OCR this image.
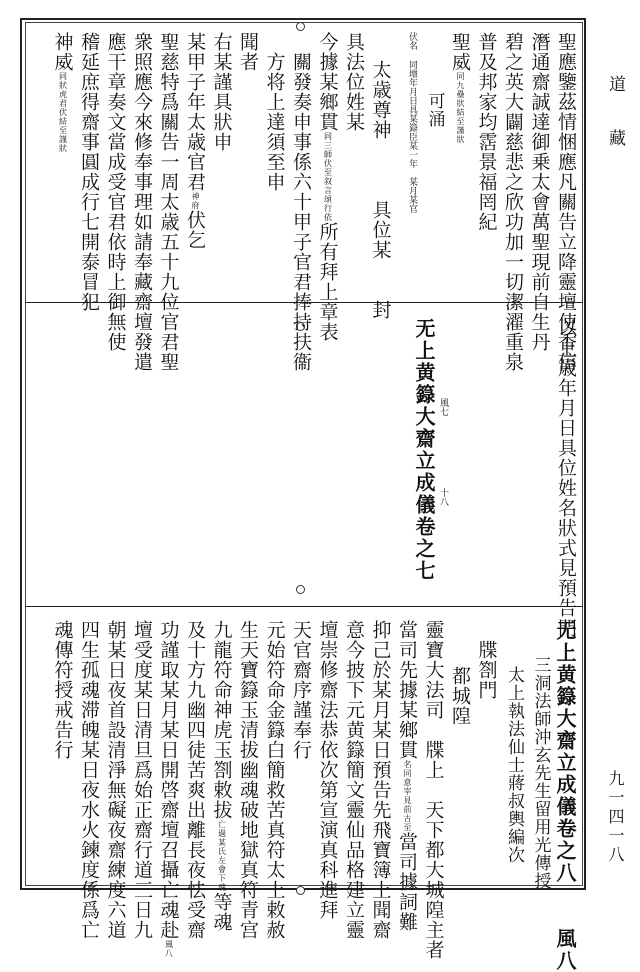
道　藏
九一四一八
聖應鑒茲情悃應凡關告立降靈壇使香信
潛通齋誠達御乗太會萬聖現前自生丹
碧之英大闢慈悲之欣功加一切潔濯重泉
普及邦家均霑景福罔紀
聖威同九壘狀結至謹狀
可涌
伏名 同壇年月日具某籙臣某一年　某月某官
太歳尊神　　　具位某　　封
具法位姓某
今據某鄉貫同三師伏至叙言頌行依所有拜上章表
關發奏申事係六十甲子官君捧持扶衞
方将上達須至申
聞者
右某謹具狀申
某甲子年太歳官君神府伏乞
聖慈特爲關告一周太歳五十九位官君聖
衆照應今來修奉事理如請奉藏齋壇發遣
應干章奏文當成受官君依時上御無使
稽延庶得齋事圓成行七開泰冒犯
神威同狀虎君伏結至謹狀
以上歳年月日具位姓名狀式見預告門
无上黄籙大齋立成儀卷之七 風七
十八
无上黄籙大齋立成儀卷之八　　風八
三洞法師沖玄先生留用光傳授
太上執法仙士蔣叔輿編次
牒劄門
都城隍
靈寶大法司　牒上　天下都大城隍主者
當司先據某鄉貫名同意宰見前古至當司據詞難
抑己於某月某日預告先飛寶簿上聞齋
意今披下元黄籙簡文靈仙品格建立靈
壇崇修齋法恭依次第宣演真科進拜
天官齋序謹奉行
元始符命金籙白簡救苦真符太上敕赦
生天寶籙玉清拔幽魂破地獄真符青宫
九龍符命神虎玉劄敕拔亡過某氏左會下魂等魂
及十方九幽四徒苦爽出離長夜怯受齋
功謹取某月某日開啓齋壇召攝亡魂赴風八
壇受度某日清旦爲始正齋行道三日九
朝某日夜首設清淨無礙夜齋練度六道
四生孤魂滞魄某日夜水火鍊度係爲亡
魂傳符授戒告行
